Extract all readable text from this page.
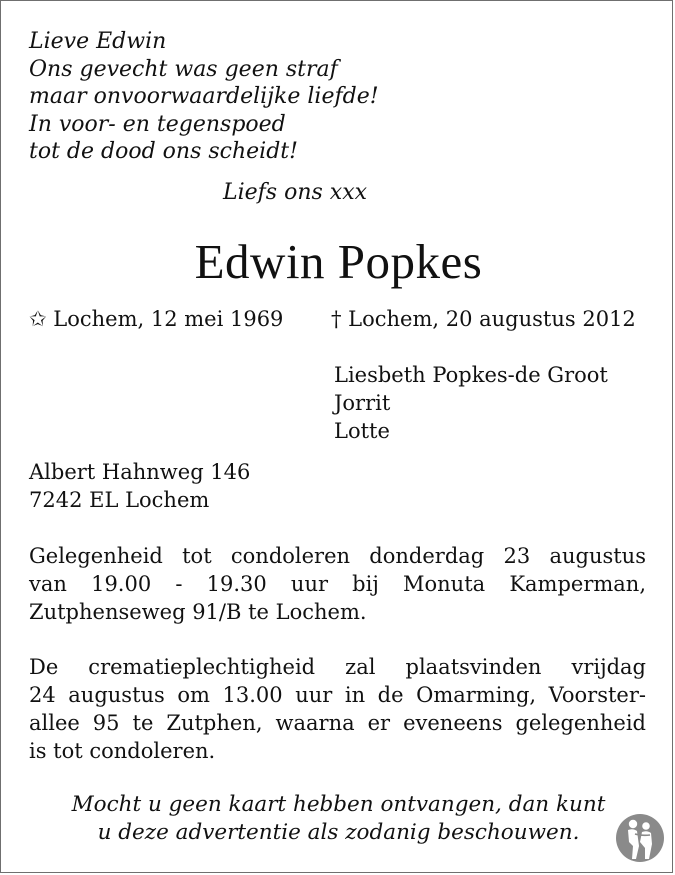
Lieve Edwin
Ons gevecht was geen straf
maar onvoorwaardelijke liefde!
In voor- en tegenspoed
tot de dood ons scheidt!
Liefs ons xxx
Edwin Popkes
✩ Lochem, 12 mei 1969 † Lochem, 20 augustus 2012
Liesbeth Popkes-de Groot
Jorrit
Lotte
Albert Hahnweg 146
7242 EL Lochem
Gelegenheid tot condoleren donderdag 23 augustus
van 19.00 - 19.30 uur bij Monuta Kamperman,
Zutphenseweg 91/B te Lochem.
De crematieplechtigheid zal plaatsvinden vrijdag
24 augustus om 13.00 uur in de Omarming, Voorster-
allee 95 te Zutphen, waarna er eveneens gelegenheid
is tot condoleren.
Mocht u geen kaart hebben ontvangen, dan kunt
u deze advertentie als zodanig beschouwen.
